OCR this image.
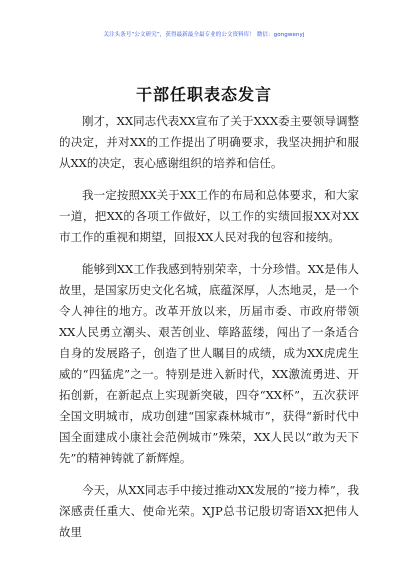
关注头条号“公文研究”，获得最新最全最专业的公文资料库！ 微信：gongwenyj
干部任职表态发言

刚才，XX同志代表XX宣布了关于XXX委主要领导调整的决定，并对XX的工作提出了明确要求，我坚决拥护和服从XX的决定，衷心感谢组织的培养和信任。

我一定按照XX关于XX工作的布局和总体要求，和大家一道，把XX的各项工作做好，以工作的实绩回报XX对XX市工作的重视和期望，回报XX人民对我的包容和接纳。

能够到XX工作我感到特别荣幸，十分珍惜。XX是伟人故里，是国家历史文化名城，底蕴深厚，人杰地灵，是一个令人神往的地方。改革开放以来，历届市委、市政府带领XX人民勇立潮头、艰苦创业、筚路蓝缕，闯出了一条适合自身的发展路子，创造了世人瞩目的成绩，成为XX虎虎生威的“四猛虎”之一。特别是进入新时代，XX激流勇进、开拓创新，在新起点上实现新突破，四夺“XX杯”，五次获评全国文明城市，成功创建“国家森林城市”，获得“新时代中国全面建成小康社会范例城市”殊荣，XX人民以“敢为天下先”的精神铸就了新辉煌。

今天，从XX同志手中接过推动XX发展的“接力棒”，我深感责任重大、使命光荣。XJP总书记殷切寄语XX把伟人故里
